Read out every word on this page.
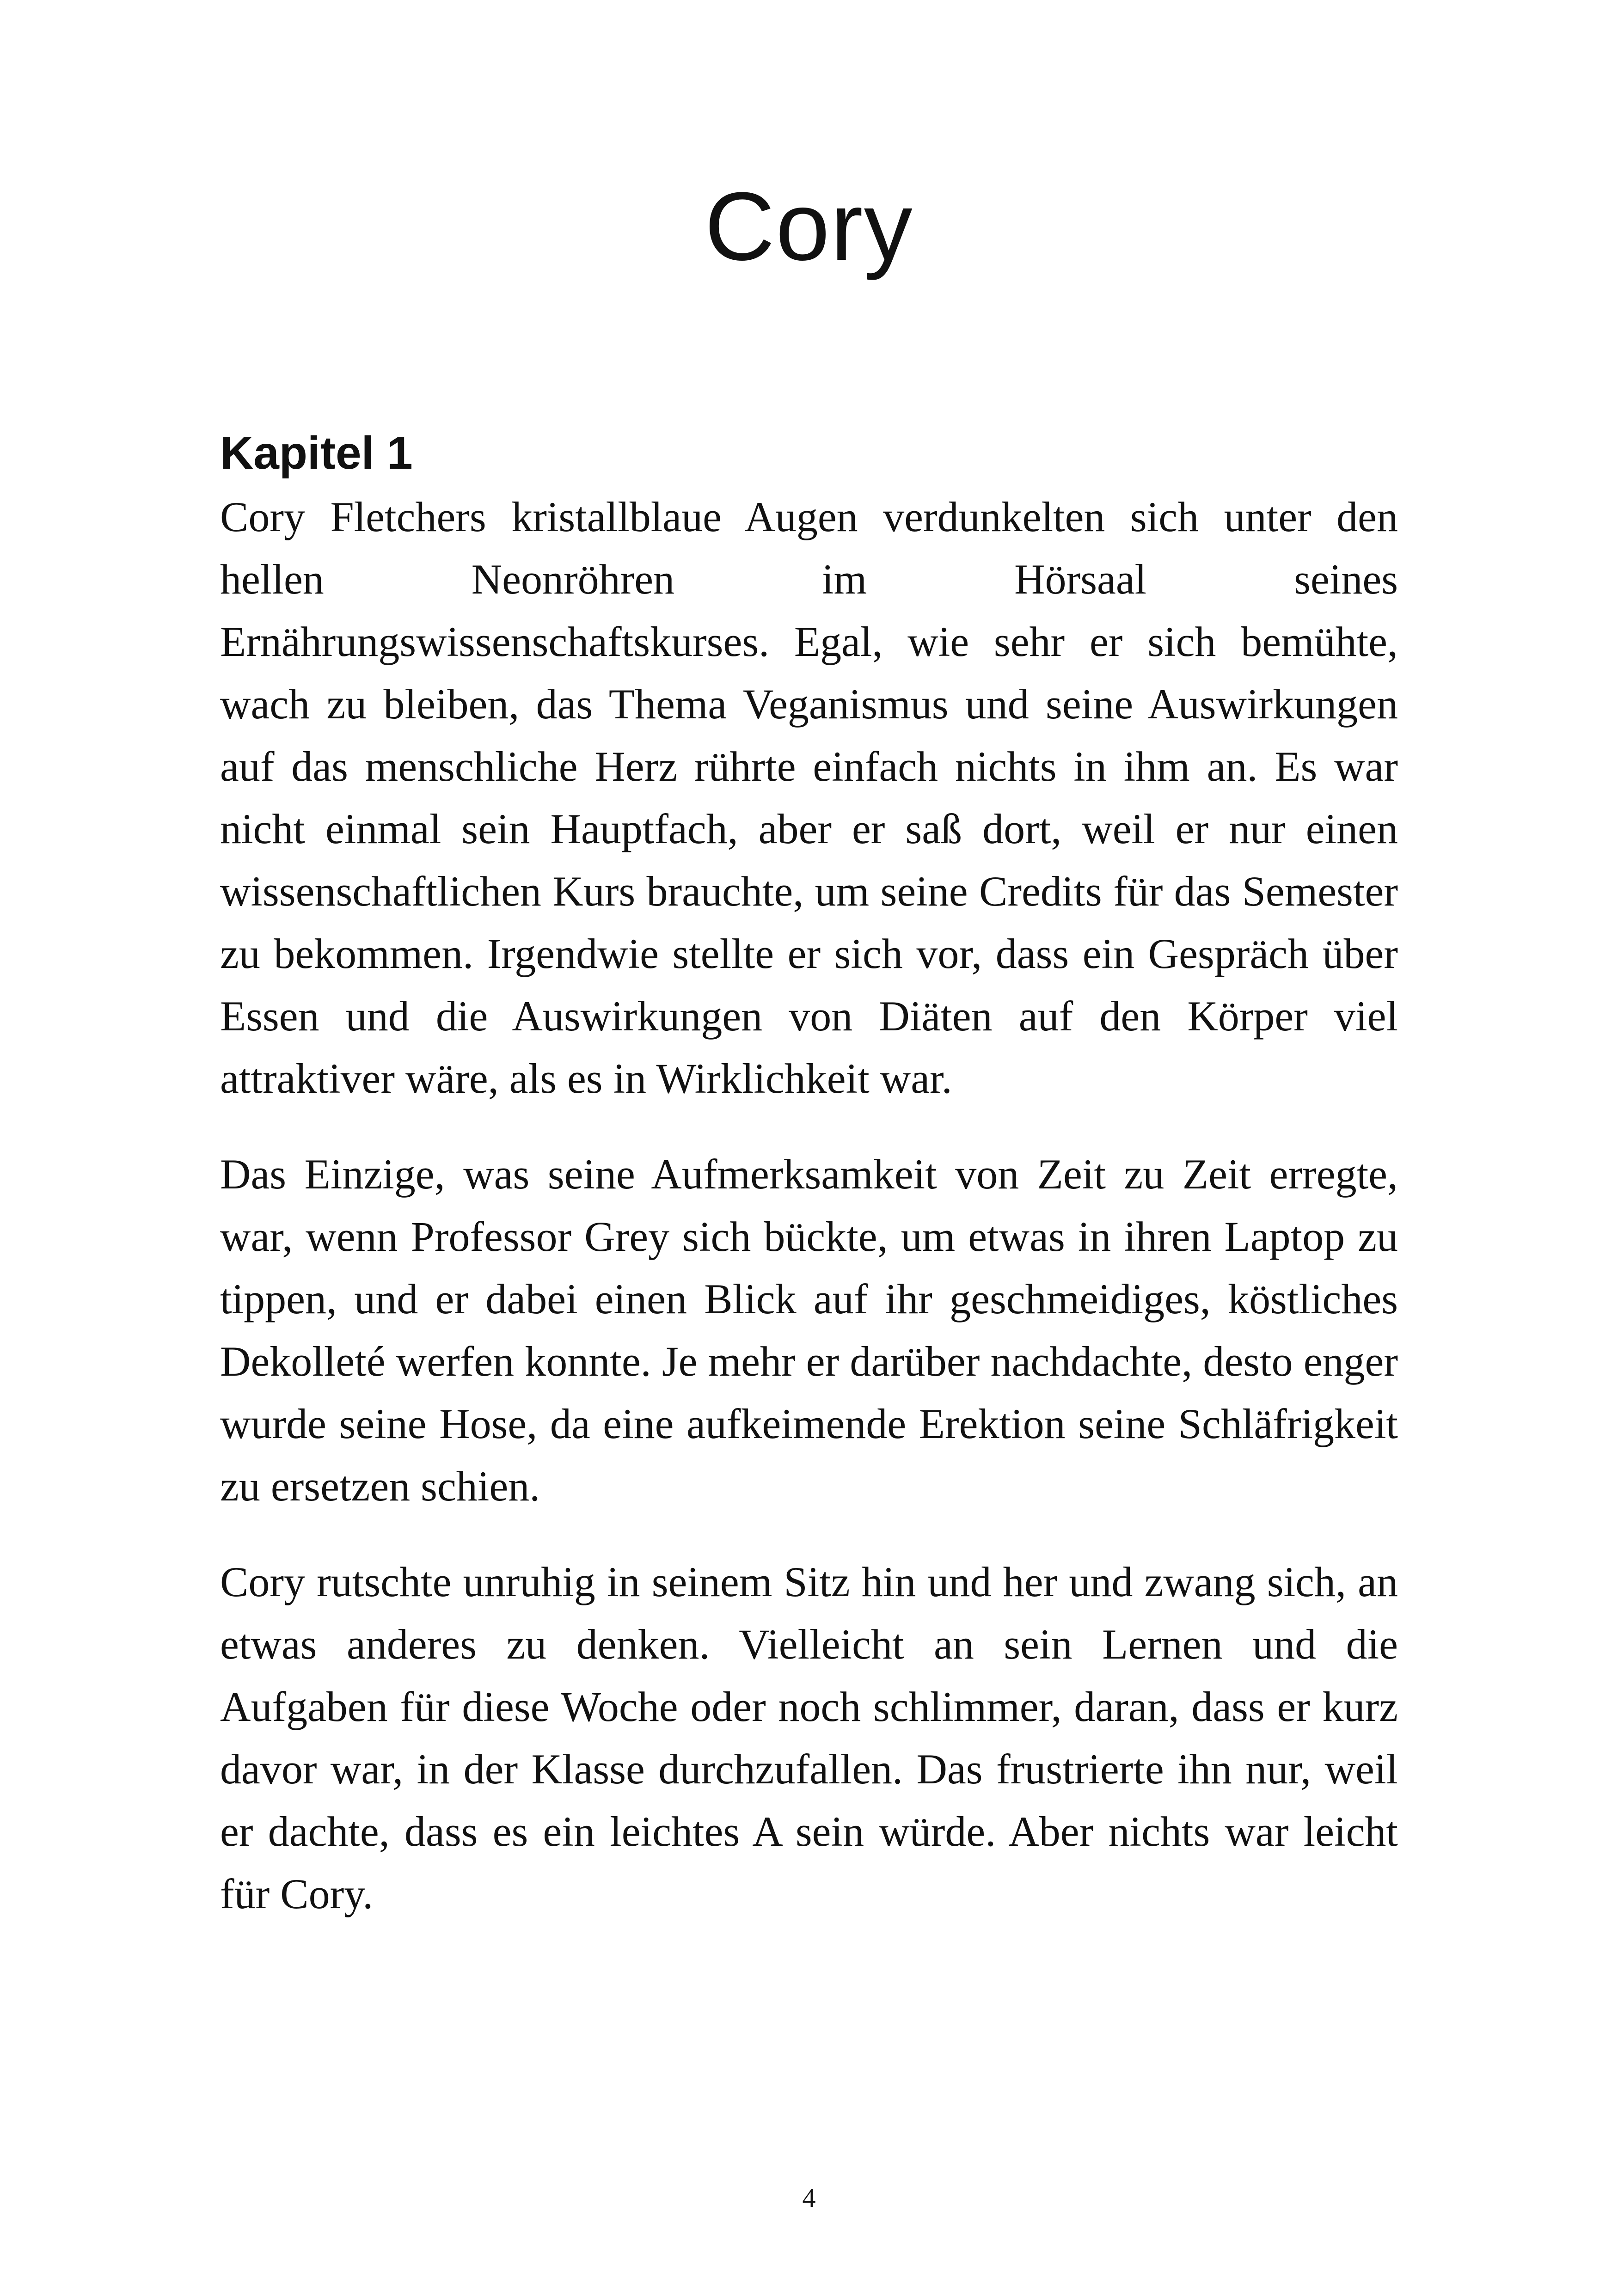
Cory
Kapitel 1

Cory Fletchers kristallblaue Augen verdunkelten sich unter den hellen Neonröhren im Hörsaal seines Ernährungswissenschaftskurses. Egal, wie sehr er sich bemühte, wach zu bleiben, das Thema Veganismus und seine Auswirkungen auf das menschliche Herz rührte einfach nichts in ihm an. Es war nicht einmal sein Hauptfach, aber er saß dort, weil er nur einen wissenschaftlichen Kurs brauchte, um seine Credits für das Semester zu bekommen. Irgendwie stellte er sich vor, dass ein Gespräch über Essen und die Auswirkungen von Diäten auf den Körper viel attraktiver wäre, als es in Wirklichkeit war.

Das Einzige, was seine Aufmerksamkeit von Zeit zu Zeit erregte, war, wenn Professor Grey sich bückte, um etwas in ihren Laptop zu tippen, und er dabei einen Blick auf ihr geschmeidiges, köstliches Dekolleté werfen konnte. Je mehr er darüber nachdachte, desto enger wurde seine Hose, da eine aufkeimende Erektion seine Schläfrigkeit zu ersetzen schien.

Cory rutschte unruhig in seinem Sitz hin und her und zwang sich, an etwas anderes zu denken. Vielleicht an sein Lernen und die Aufgaben für diese Woche oder noch schlimmer, daran, dass er kurz davor war, in der Klasse durchzufallen. Das frustrierte ihn nur, weil er dachte, dass es ein leichtes A sein würde. Aber nichts war leicht für Cory.

4
